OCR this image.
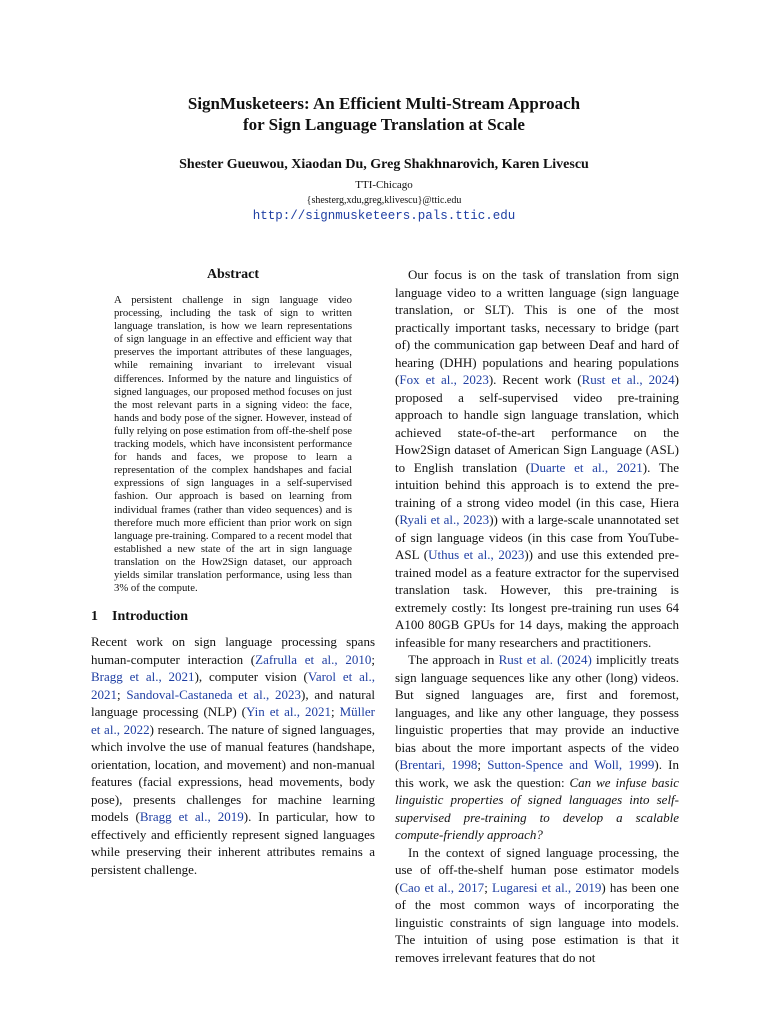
SignMusketeers: An Efficient Multi-Stream Approach
for Sign Language Translation at Scale
Shester Gueuwou, Xiaodan Du, Greg Shakhnarovich, Karen Livescu
TTI-Chicago
{shesterg,xdu,greg,klivescu}@ttic.edu
http://signmusketeers.pals.ttic.edu
Abstract
A persistent challenge in sign language video processing, including the task of sign to written language translation, is how we learn representations of sign language in an effective and efficient way that preserves the important attributes of these languages, while remaining invariant to irrelevant visual differences. Informed by the nature and linguistics of signed languages, our proposed method focuses on just the most relevant parts in a signing video: the face, hands and body pose of the signer. However, instead of fully relying on pose estimation from off-the-shelf pose tracking models, which have inconsistent performance for hands and faces, we propose to learn a representation of the complex handshapes and facial expressions of sign languages in a self-supervised fashion. Our approach is based on learning from individual frames (rather than video sequences) and is therefore much more efficient than prior work on sign language pre-training. Compared to a recent model that established a new state of the art in sign language translation on the How2Sign dataset, our approach yields similar translation performance, using less than 3% of the compute.
1 Introduction

Recent work on sign language processing spans human-computer interaction (Zafrulla et al., 2010; Bragg et al., 2021), computer vision (Varol et al., 2021; Sandoval-Castaneda et al., 2023), and natural language processing (NLP) (Yin et al., 2021; Müller et al., 2022) research. The nature of signed languages, which involve the use of manual features (handshape, orientation, location, and movement) and non-manual features (facial expressions, head movements, body pose), presents challenges for machine learning models (Bragg et al., 2019). In particular, how to effectively and efficiently represent signed languages while preserving their inherent attributes remains a persistent challenge.

Our focus is on the task of translation from sign language video to a written language (sign language translation, or SLT). This is one of the most practically important tasks, necessary to bridge (part of) the communication gap between Deaf and hard of hearing (DHH) populations and hearing populations (Fox et al., 2023). Recent work (Rust et al., 2024) proposed a self-supervised video pre-training approach to handle sign language translation, which achieved state-of-the-art performance on the How2Sign dataset of American Sign Language (ASL) to English translation (Duarte et al., 2021). The intuition behind this approach is to extend the pre-training of a strong video model (in this case, Hiera (Ryali et al., 2023)) with a large-scale unannotated set of sign language videos (in this case from YouTube-ASL (Uthus et al., 2023)) and use this extended pre-trained model as a feature extractor for the supervised translation task. However, this pre-training is extremely costly: Its longest pre-training run uses 64 A100 80GB GPUs for 14 days, making the approach infeasible for many researchers and practitioners.

The approach in Rust et al. (2024) implicitly treats sign language sequences like any other (long) videos. But signed languages are, first and foremost, languages, and like any other language, they possess linguistic properties that may provide an inductive bias about the more important aspects of the video (Brentari, 1998; Sutton-Spence and Woll, 1999). In this work, we ask the question: Can we infuse basic linguistic properties of signed languages into self-supervised pre-training to develop a scalable compute-friendly approach?

In the context of signed language processing, the use of off-the-shelf human pose estimator models (Cao et al., 2017; Lugaresi et al., 2019) has been one of the most common ways of incorporating the linguistic constraints of sign language into models. The intuition of using pose estimation is that it removes irrelevant features that do not
